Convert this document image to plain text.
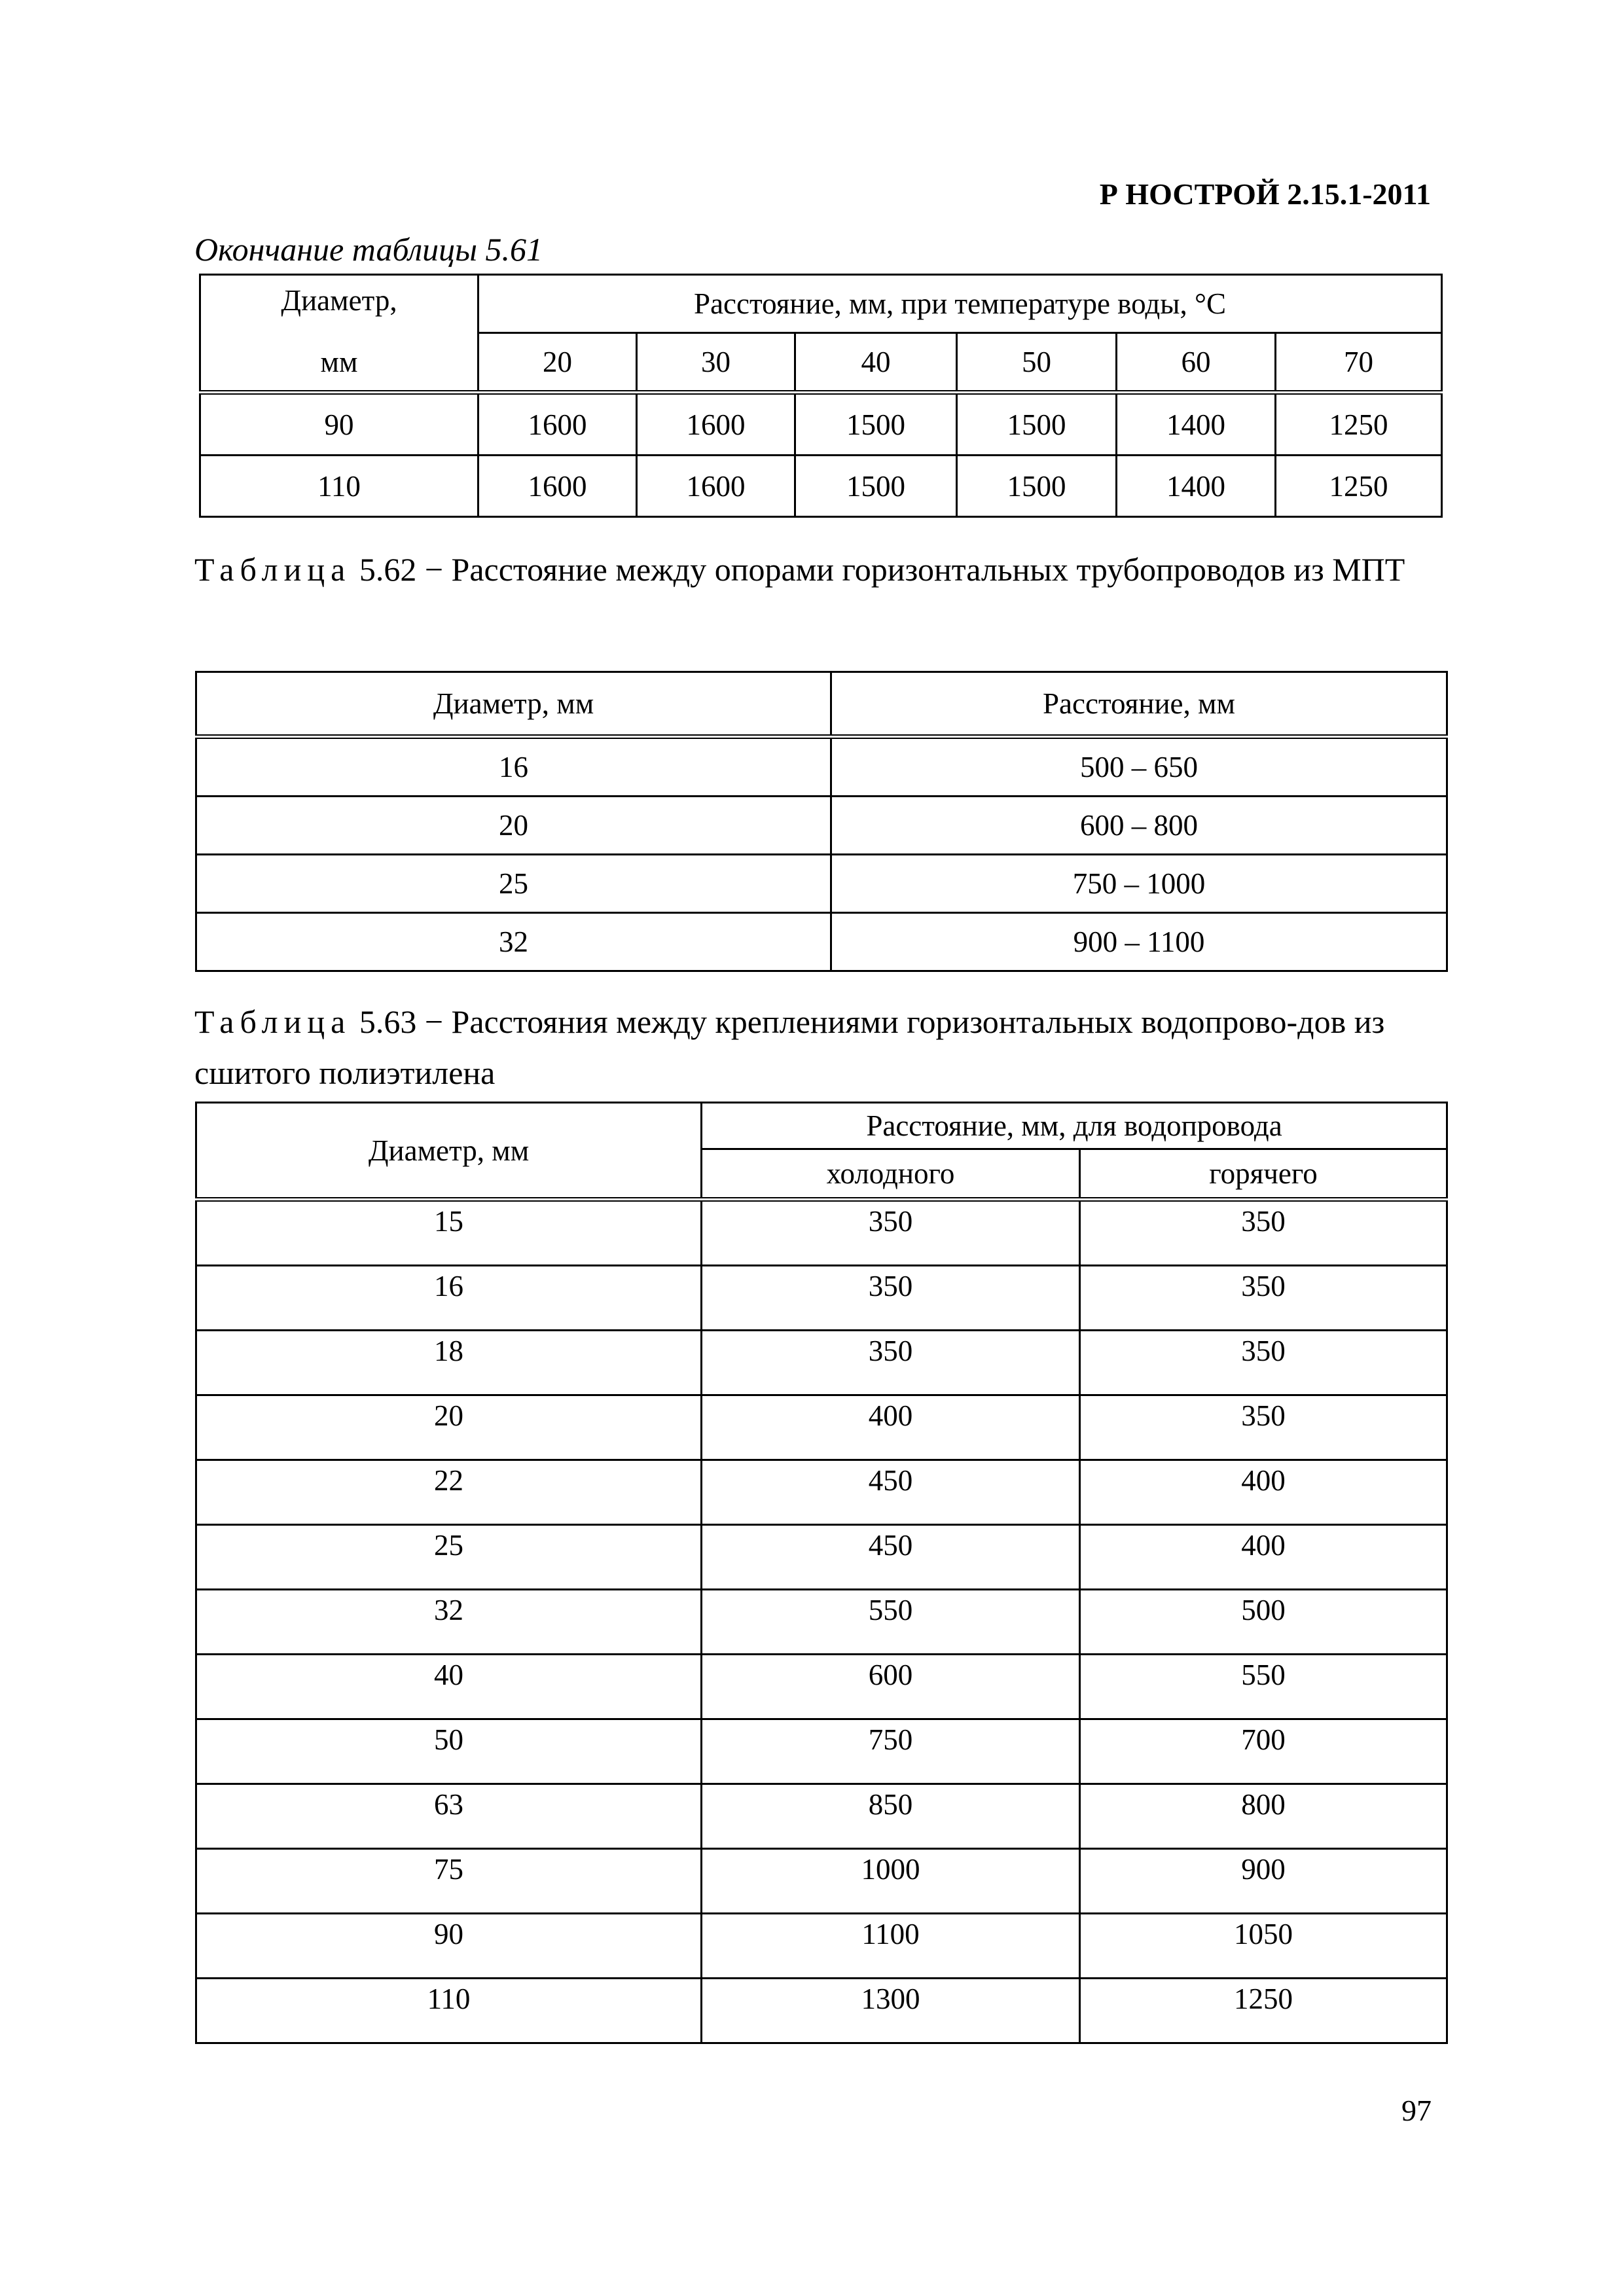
Р НОСТРОЙ 2.15.1-2011
Окончание таблицы 5.61
Диаметр,
мм	Расстояние, мм, при температуре воды, °С					
	20	30	40	50	60	70
90	1600	1600	1500	1500	1400	1250
110	1600	1600	1500	1500	1400	1250
Таблица 5.62 − Расстояние между опорами горизонтальных трубопроводов из МПТ
Диаметр, мм	Расстояние, мм
16	500 – 650
20	600 – 800
25	750 – 1000
32	900 – 1100
Таблица 5.63 − Расстояния между креплениями горизонтальных водопрово-дов из сшитого полиэтилена
Диаметр, мм	Расстояние, мм, для водопровода	
	холодного	горячего
15	350	350
16	350	350
18	350	350
20	400	350
22	450	400
25	450	400
32	550	500
40	600	550
50	750	700
63	850	800
75	1000	900
90	1100	1050
110	1300	1250
97
